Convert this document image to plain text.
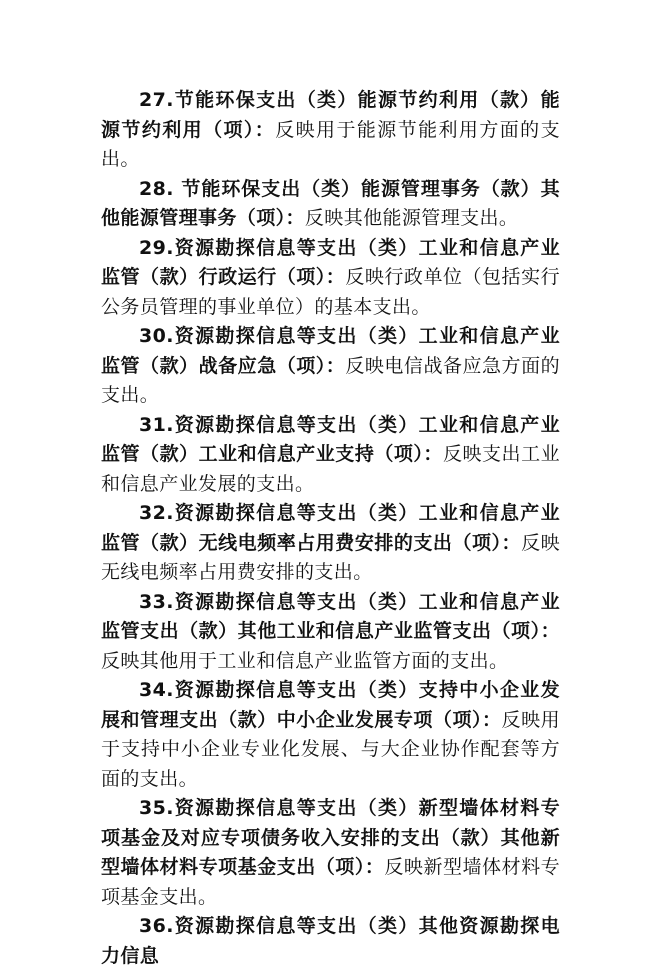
27.节能环保支出（类）能源节约利用（款）能源节约利用（项）：反映用于能源节能利用方面的支出。

28. 节能环保支出（类）能源管理事务（款）其他能源管理事务（项）：反映其他能源管理支出。

29.资源勘探信息等支出（类）工业和信息产业监管（款）行政运行（项）：反映行政单位（包括实行公务员管理的事业单位）的基本支出。

30.资源勘探信息等支出（类）工业和信息产业监管（款）战备应急（项）：反映电信战备应急方面的支出。

31.资源勘探信息等支出（类）工业和信息产业监管（款）工业和信息产业支持（项）：反映支出工业和信息产业发展的支出。

32.资源勘探信息等支出（类）工业和信息产业监管（款）无线电频率占用费安排的支出（项）：反映无线电频率占用费安排的支出。

33.资源勘探信息等支出（类）工业和信息产业监管支出（款）其他工业和信息产业监管支出（项）：反映其他用于工业和信息产业监管方面的支出。

34.资源勘探信息等支出（类）支持中小企业发展和管理支出（款）中小企业发展专项（项）：反映用于支持中小企业专业化发展、与大企业协作配套等方面的支出。

35.资源勘探信息等支出（类）新型墙体材料专项基金及对应专项债务收入安排的支出（款）其他新型墙体材料专项基金支出（项）：反映新型墙体材料专项基金支出。

36.资源勘探信息等支出（类）其他资源勘探电力信息
